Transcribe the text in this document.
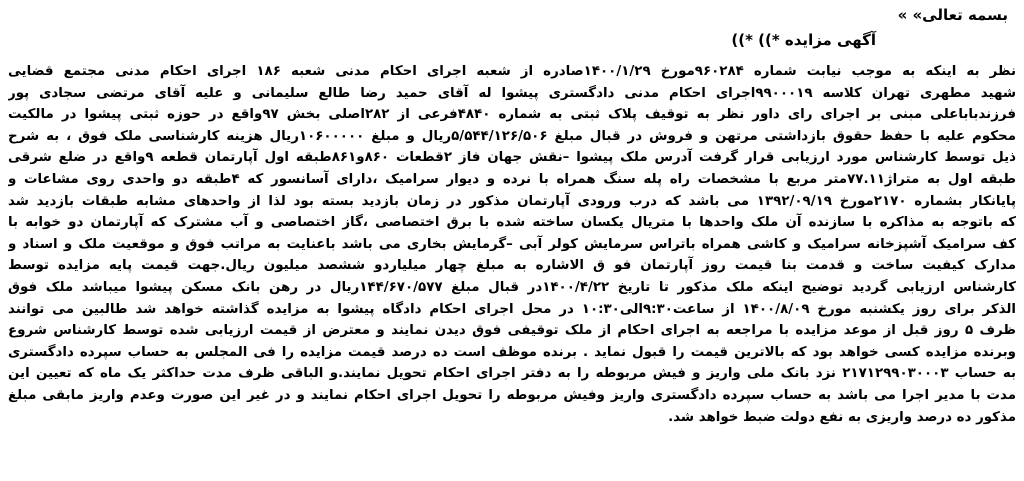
بسمه تعالی» »
آگهی مزایده *)) *))
نظر به اینکه به موجب نیابت شماره ۹۶۰۲۸۴مورخ ۱۴۰۰/۱/۲۹صادره از شعبه اجرای احکام مدنی شعبه ۱۸۶ اجرای احکام مدنی مجتمع قضایی
شهید مطهری تهران کلاسه ۹۹۰۰۰۱۹اجرای احکام مدنی دادگستری پیشوا له آقای حمید رضا طالع سلیمانی و علیه آقای مرتضی سجادی پور
فرزندباباعلی مبنی بر اجرای رای داور نظر به توقیف پلاک ثبتی به شماره ۴۸۴۰فرعی از ۲۸۲اصلی بخش ۹۷واقع در حوزه ثبتی پیشوا در مالکیت
محکوم علیه با حفظ حقوق بازداشتی مرتهن و فروش در قبال مبلغ ۵/۵۴۴/۱۲۶/۵۰۶ریال و مبلغ ۱۰۶۰۰۰۰۰ریال هزینه کارشناسی ملک فوق ، به شرح
ذیل توسط کارشناس مورد ارزیابی قرار گرفت آدرس ملک پیشوا –نقش جهان فاز ۲قطعات ۸۶۰و۸۶۱طبقه اول آپارتمان قطعه ۹واقع در ضلع شرقی
طبقه اول به متراژ۷۷.۱۱متر مربع با مشخصات راه پله سنگ همراه با نرده و دیوار سرامیک ،دارای آسانسور که ۴طبقه دو واحدی روی مشاعات و
پایانکار بشماره ۲۱۷۰مورخ ۱۳۹۲/۰۹/۱۹ می باشد که درب ورودی آپارتمان مذکور در زمان بازدید بسته بود لذا از واحدهای مشابه طبقات بازدید شد
که باتوجه به مذاکره با سازنده آن ملک واحدها با متریال یکسان ساخته شده با برق اختصاصی ،گاز اختصاصی و آب مشترک که آپارتمان دو خوابه با
کف سرامیک آشپزخانه سرامیک و کاشی همراه باتراس سرمایش کولر آبی –گرمایش بخاری می باشد باعنایت به مراتب فوق و موقعیت ملک و اسناد و
مدارک کیفیت ساخت و قدمت بنا قیمت روز آپارتمان فو ق الاشاره به مبلغ چهار میلیاردو ششصد میلیون ریال.جهت قیمت پایه مزایده توسط
کارشناس ارزیابی گردید توضیح اینکه ملک مذکور تا تاریخ ۱۴۰۰/۴/۲۲در قبال مبلغ ۱۴۴/۶۷۰/۵۷۷ریال در رهن بانک مسکن پیشوا میباشد ملک فوق
الذکر برای روز یکشنبه مورخ ۱۴۰۰/۸/۰۹ از ساعت۹:۳۰الی۱۰:۳۰ در محل اجرای احکام دادگاه پیشوا به مزایده گذاشته خواهد شد طالبین می توانند
ظرف ۵ روز قبل از موعد مزایده با مراجعه به اجرای احکام از ملک توقیفی فوق دیدن نمایند و معترض از قیمت ارزیابی شده توسط کارشناس شروع
وبرنده مزایده کسی خواهد بود که بالاترین قیمت را قبول نماید . برنده موظف است ده درصد قیمت مزایده را فی المجلس به حساب سپرده دادگستری
به حساب ۲۱۷۱۲۹۹۰۳۰۰۰۳ نزد بانک ملی واریز و فیش مربوطه را به دفتر اجرای احکام تحویل نمایند.و الباقی ظرف مدت حداکثر یک ماه که تعیین این
مدت با مدیر اجرا می باشد به حساب سپرده دادگستری واریز وفیش مربوطه را تحویل اجرای احکام نمایند و در غیر این صورت وعدم واریز مابقی مبلغ
مذکور ده درصد واریزی به نفع دولت ضبط خواهد شد.
